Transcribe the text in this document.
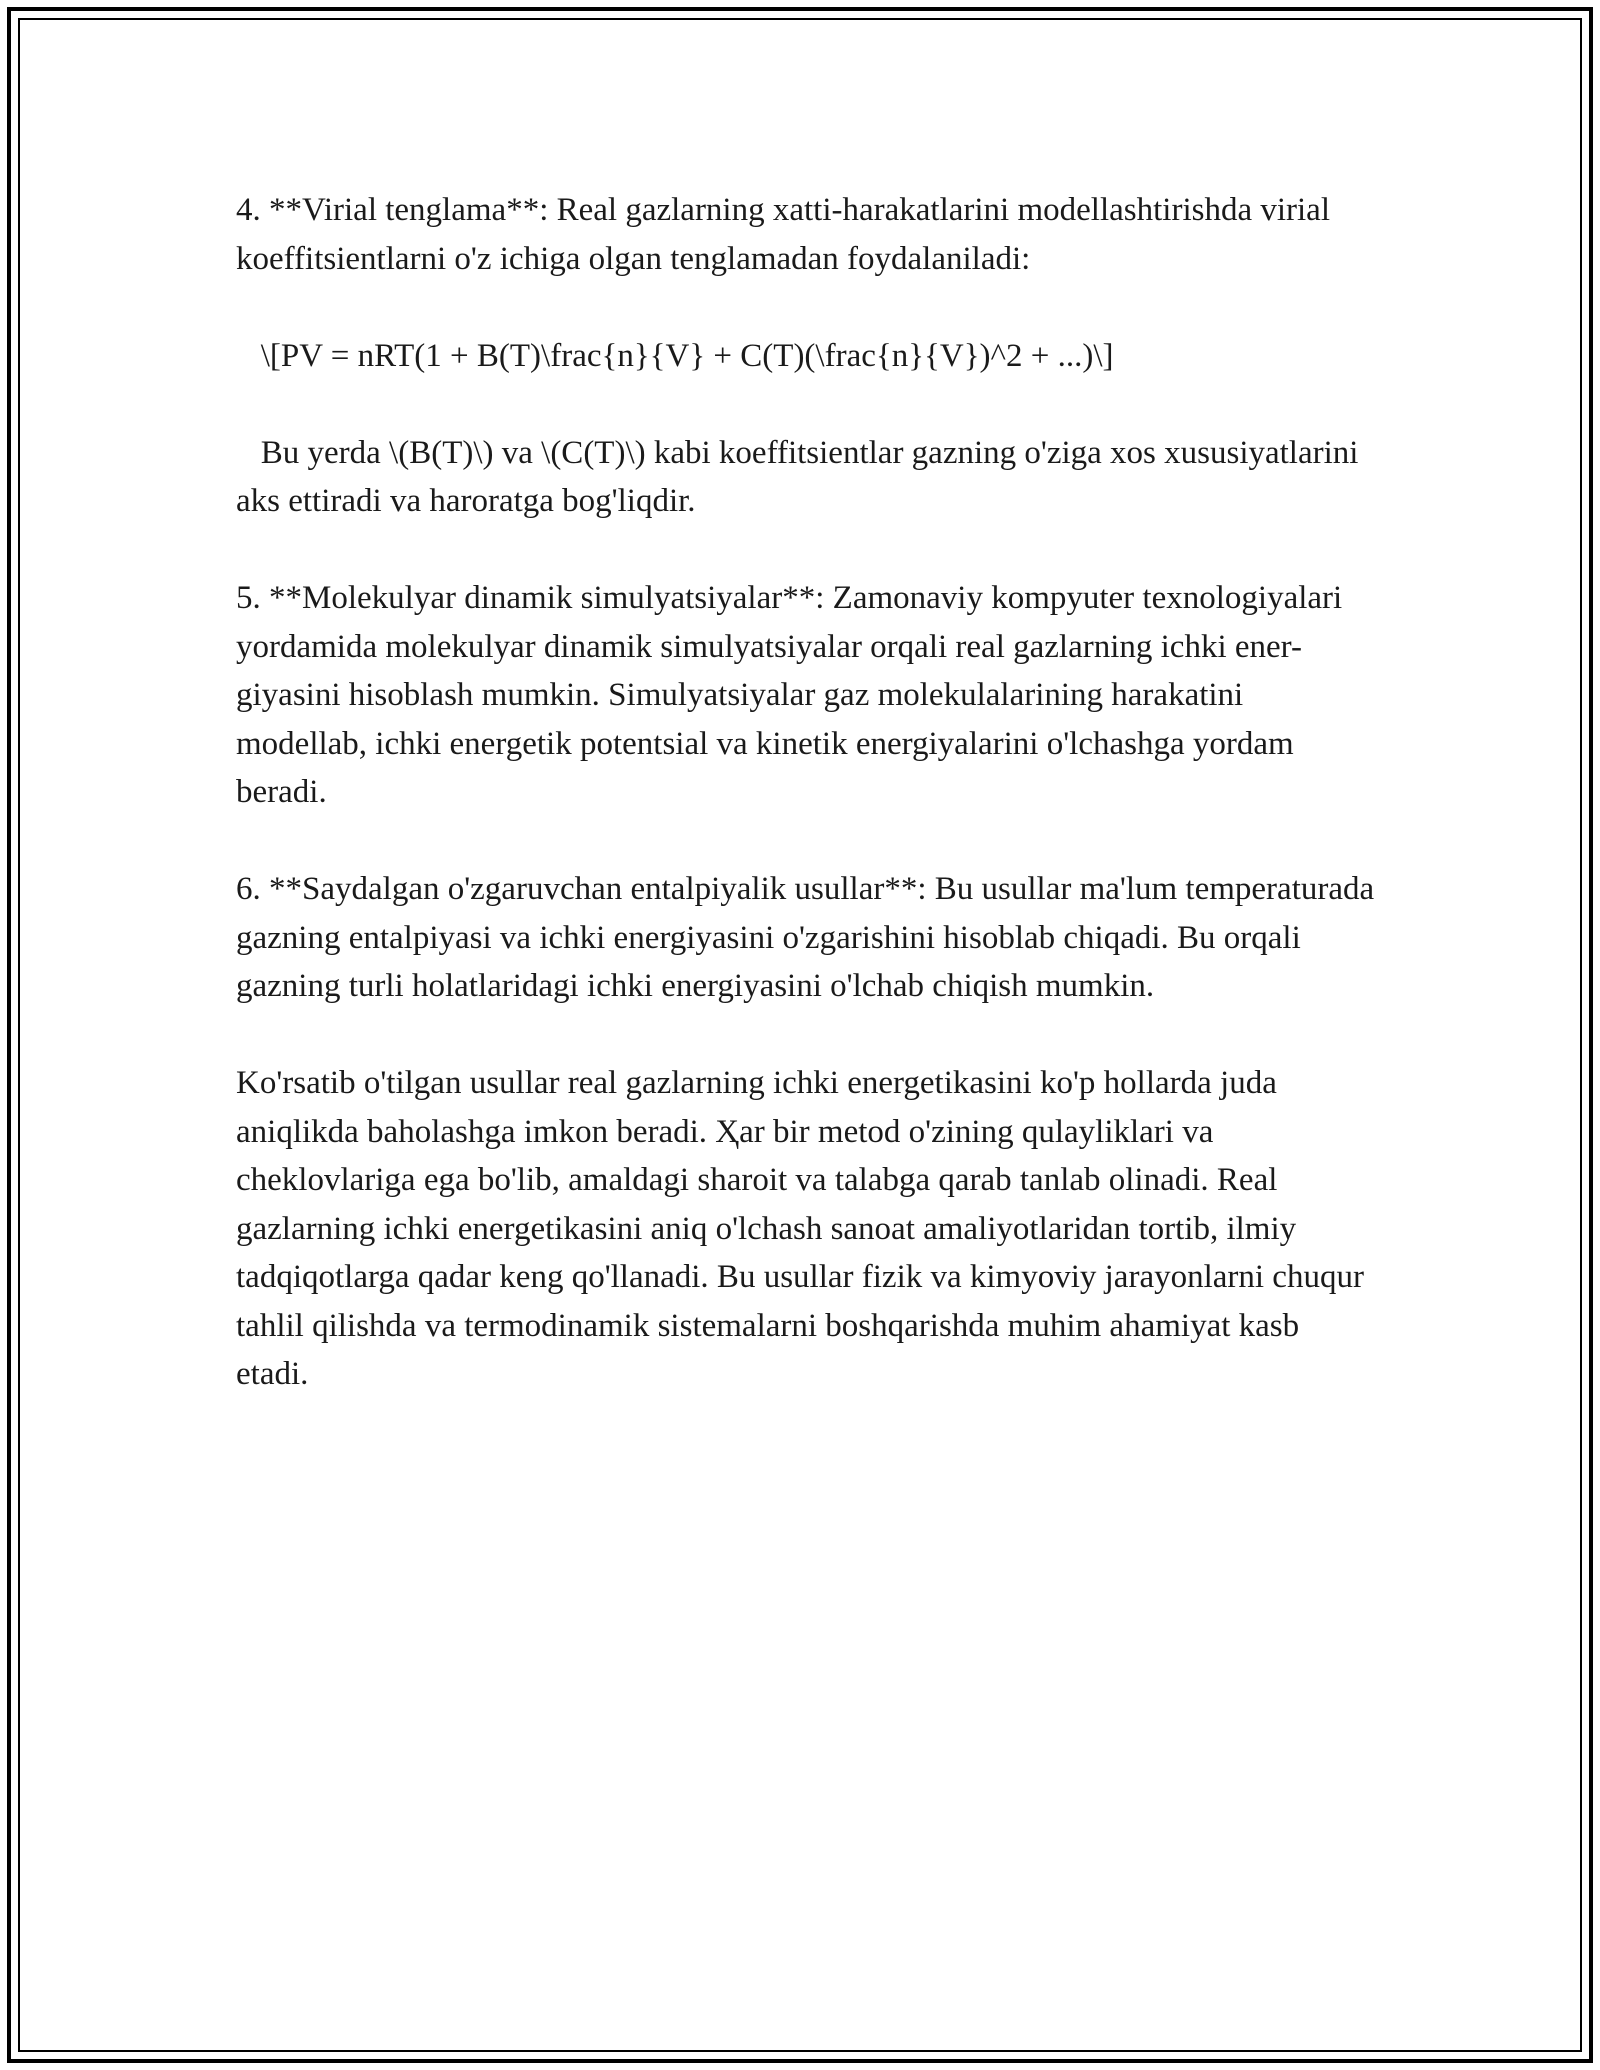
4. **Virial tenglama**: Real gazlarning xatti-harakatlarini modellashtirishda virial koeffitsientlarni o'z ichiga olgan tenglamadan foydalaniladi:

\[PV = nRT(1 + B(T)\frac{n}{V} + C(T)(\frac{n}{V})^2 + ...)\]

Bu yerda \(B(T)\) va \(C(T)\) kabi koeffitsientlar gazning o'ziga xos xususiyatlarini aks ettiradi va haroratga bog'liqdir.

5. **Molekulyar dinamik simulyatsiyalar**: Zamonaviy kompyuter texnologiyalari yordamida molekulyar dinamik simulyatsiyalar orqali real gazlarning ichki ener-giyasini hisoblash mumkin. Simulyatsiyalar gaz molekulalarining harakatini modellab, ichki energetik potentsial va kinetik energiyalarini o'lchashga yordam beradi.

6. **Saydalgan o'zgaruvchan entalpiyalik usullar**: Bu usullar ma'lum temperaturada gazning entalpiyasi va ichki energiyasini o'zgarishini hisoblab chiqadi. Bu orqali gazning turli holatlaridagi ichki energiyasini o'lchab chiqish mumkin.

Ko'rsatib o'tilgan usullar real gazlarning ichki energetikasini ko'p hollarda juda aniqlikda baholashga imkon beradi. Ҳar bir metod o'zining qulayliklari va cheklovlariga ega bo'lib, amaldagi sharoit va talabga qarab tanlab olinadi. Real gazlarning ichki energetikasini aniq o'lchash sanoat amaliyotlaridan tortib, ilmiy tadqiqotlarga qadar keng qo'llanadi. Bu usullar fizik va kimyoviy jarayonlarni chuqur tahlil qilishda va termodinamik sistemalarni boshqarishda muhim ahamiyat kasb etadi.
